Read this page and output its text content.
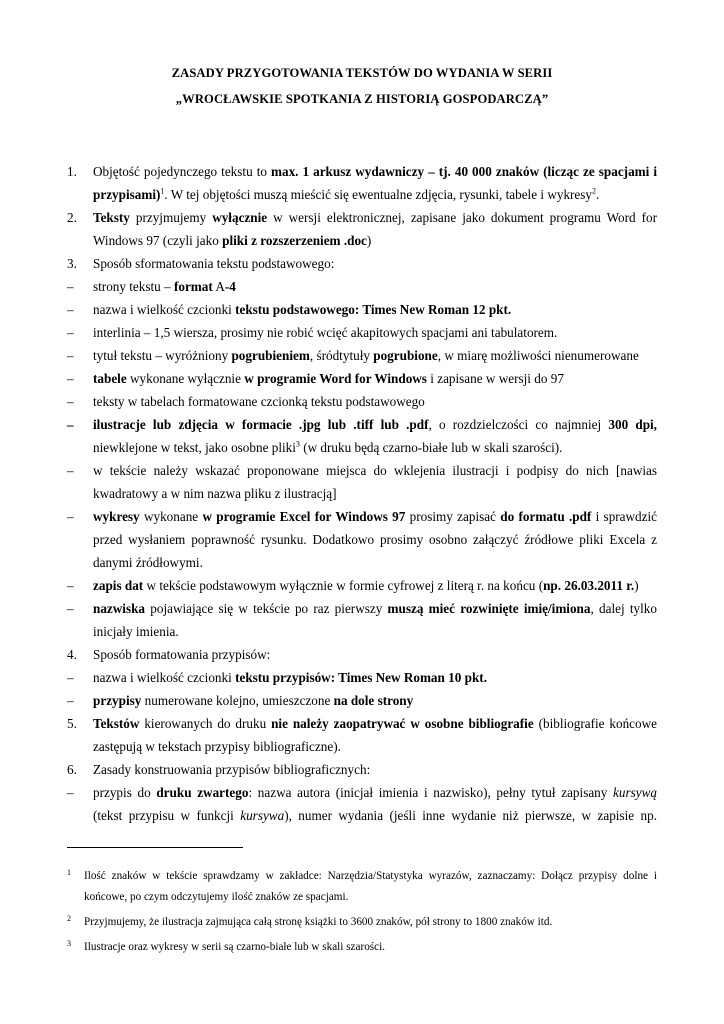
ZASADY PRZYGOTOWANIA TEKSTÓW DO WYDANIA W SERII
„WROCŁAWSKIE SPOTKANIA Z HISTORIĄ GOSPODARCZĄ”
1. Objętość pojedynczego tekstu to max. 1 arkusz wydawniczy – tj. 40 000 znaków (licząc ze spacjami i przypisami)$^1$. W tej objętości muszą mieścić się ewentualne zdjęcia, rysunki, tabele i wykresy$^2$.
2. Teksty przyjmujemy wyłącznie w wersji elektronicznej, zapisane jako dokument programu Word for Windows 97 (czyli jako pliki z rozszerzeniem .doc)
3. Sposób sformatowania tekstu podstawowego:
– strony tekstu – format A-4
– nazwa i wielkość czcionki tekstu podstawowego: Times New Roman 12 pkt.
– interlinia – 1,5 wiersza, prosimy nie robić wcięć akapitowych spacjami ani tabulatorem.
– tytuł tekstu – wyróżniony pogrubieniem, śródtytuły pogrubione, w miarę możliwości nienumerowane
– tabele wykonane wyłącznie w programie Word for Windows i zapisane w wersji do 97
– teksty w tabelach formatowane czcionką tekstu podstawowego
– ilustracje lub zdjęcia w formacie .jpg lub .tiff lub .pdf, o rozdzielczości co najmniej 300 dpi, niewklejone w tekst, jako osobne pliki$^3$ (w druku będą czarno-białe lub w skali szarości).
– w tekście należy wskazać proponowane miejsca do wklejenia ilustracji i podpisy do nich [nawias kwadratowy a w nim nazwa pliku z ilustracją]
– wykresy wykonane w programie Excel for Windows 97 prosimy zapisać do formatu .pdf i sprawdzić przed wysłaniem poprawność rysunku. Dodatkowo prosimy osobno załączyć źródłowe pliki Excela z danymi źródłowymi.
– zapis dat w tekście podstawowym wyłącznie w formie cyfrowej z literą r. na końcu (np. 26.03.2011 r.)
– nazwiska pojawiające się w tekście po raz pierwszy muszą mieć rozwinięte imię/imiona, dalej tylko inicjały imienia.
4. Sposób formatowania przypisów:
– nazwa i wielkość czcionki tekstu przypisów: Times New Roman 10 pkt.
– przypisy numerowane kolejno, umieszczone na dole strony
5. Tekstów kierowanych do druku nie należy zaopatrywać w osobne bibliografie (bibliografie końcowe zastępują w tekstach przypisy bibliograficzne).
6. Zasady konstruowania przypisów bibliograficznych:
– przypis do druku zwartego: nazwa autora (inicjał imienia i nazwisko), pełny tytuł zapisany kursywą (tekst przypisu w funkcji kursywa), numer wydania (jeśli inne wydanie niż pierwsze, w zapisie np.
1 Ilość znaków w tekście sprawdzamy w zakładce: Narzędzia/Statystyka wyrazów, zaznaczamy: Dołącz przypisy dolne i końcowe, po czym odczytujemy ilość znaków ze spacjami.
2 Przyjmujemy, że ilustracja zajmująca całą stronę książki to 3600 znaków, pół strony to 1800 znaków itd.
3 Ilustracje oraz wykresy w serii są czarno-białe lub w skali szarości.
